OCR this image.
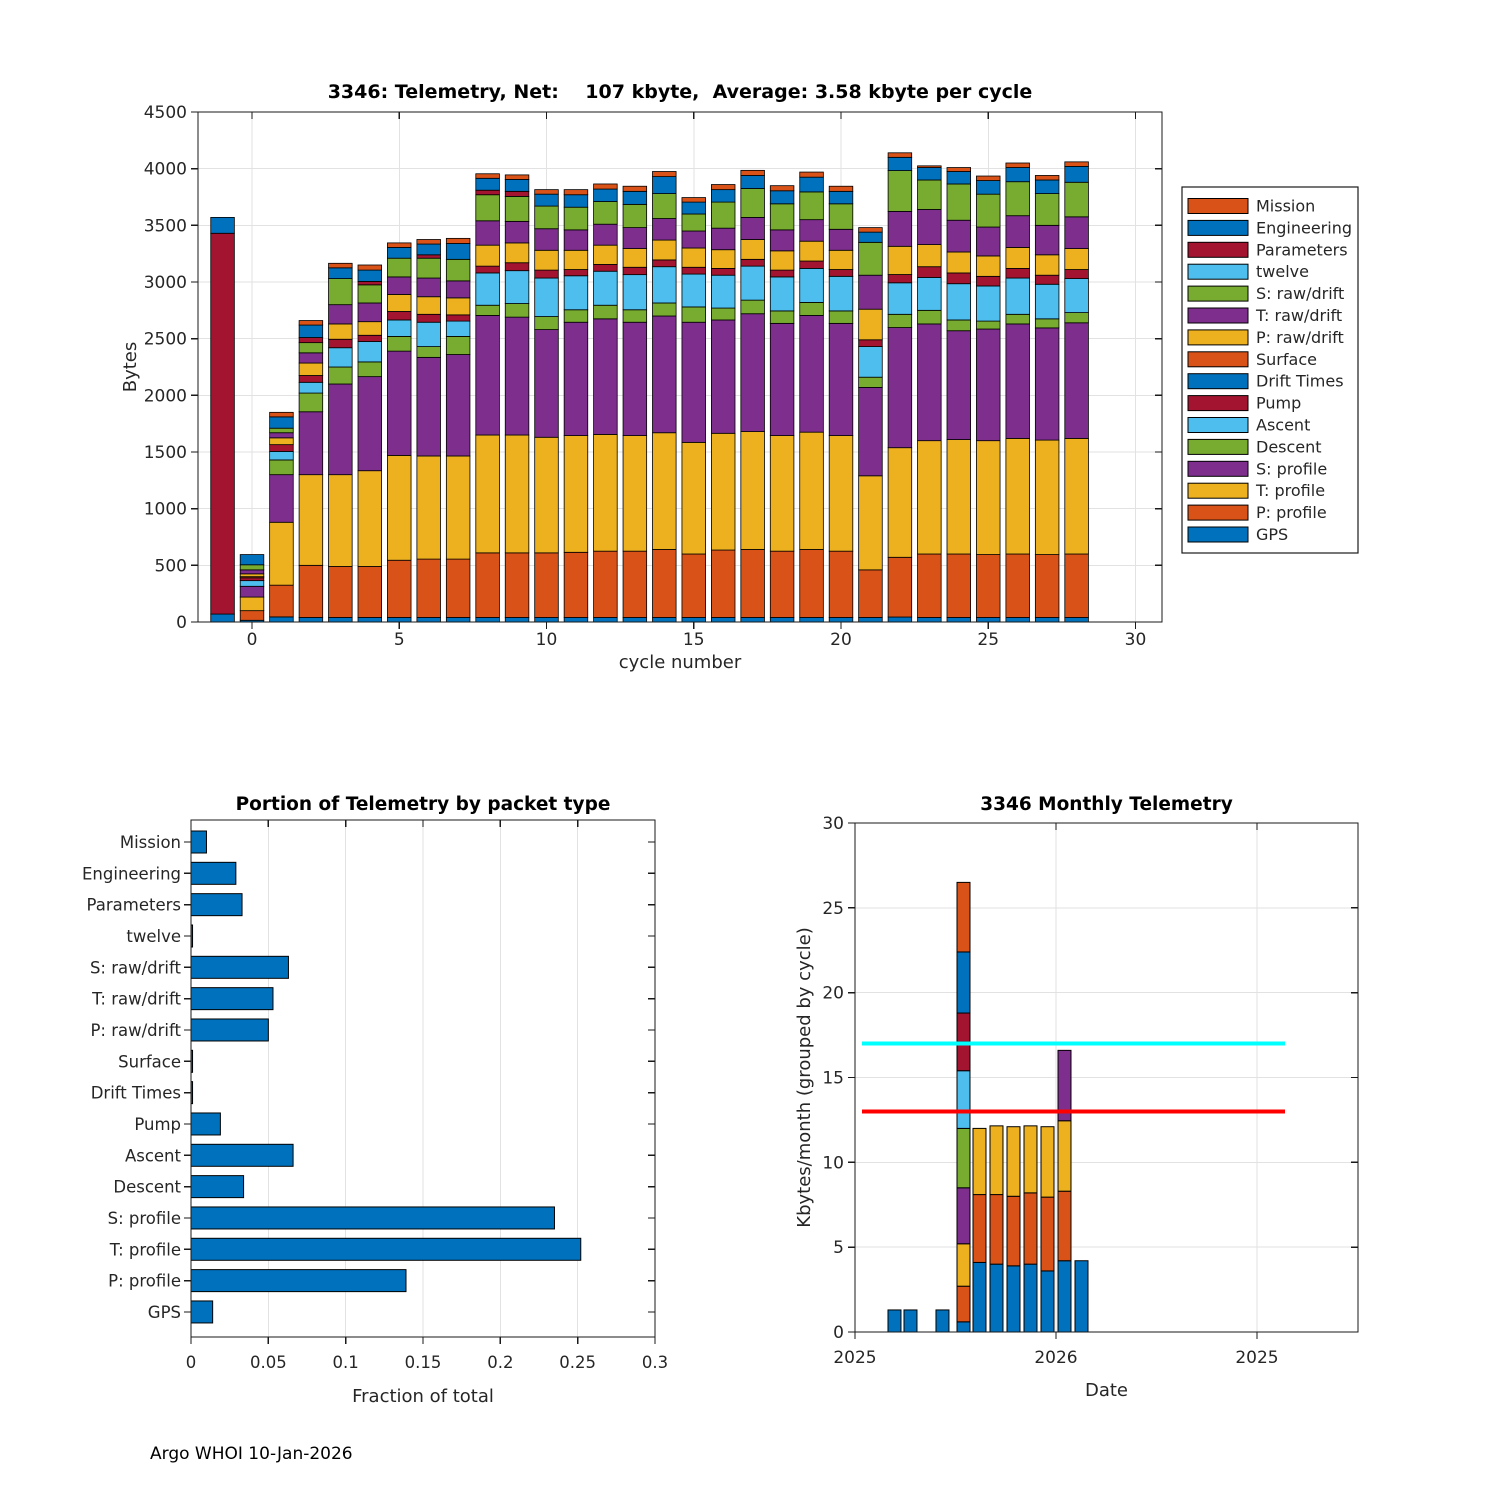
0	5	10	15	20	25	30
0
500
1000
1500
2000
2500
3000
3500
4000
4500
3346: Telemetry, Net:    107 kbyte,  Average: 3.58 kbyte per cycle
cycle number
Bytes
Mission
Engineering
Parameters
twelve
S: raw/drift
T: raw/drift
P: raw/drift
Surface
Drift Times
Pump
Ascent
Descent
S: profile
T: profile
P: profile
GPS
0	0.05	0.1	0.15	0.2	0.25	0.3
Mission
Engineering
Parameters
twelve
S: raw/drift
T: raw/drift
P: raw/drift
Surface
Drift Times
Pump
Ascent
Descent
S: profile
T: profile
P: profile
GPS
Portion of Telemetry by packet type
Fraction of total
2025	2026	2025
0
5
10
15
20
25
30
3346 Monthly Telemetry
Date
Kbytes/month (grouped by cycle)
Argo WHOI 10-Jan-2026
